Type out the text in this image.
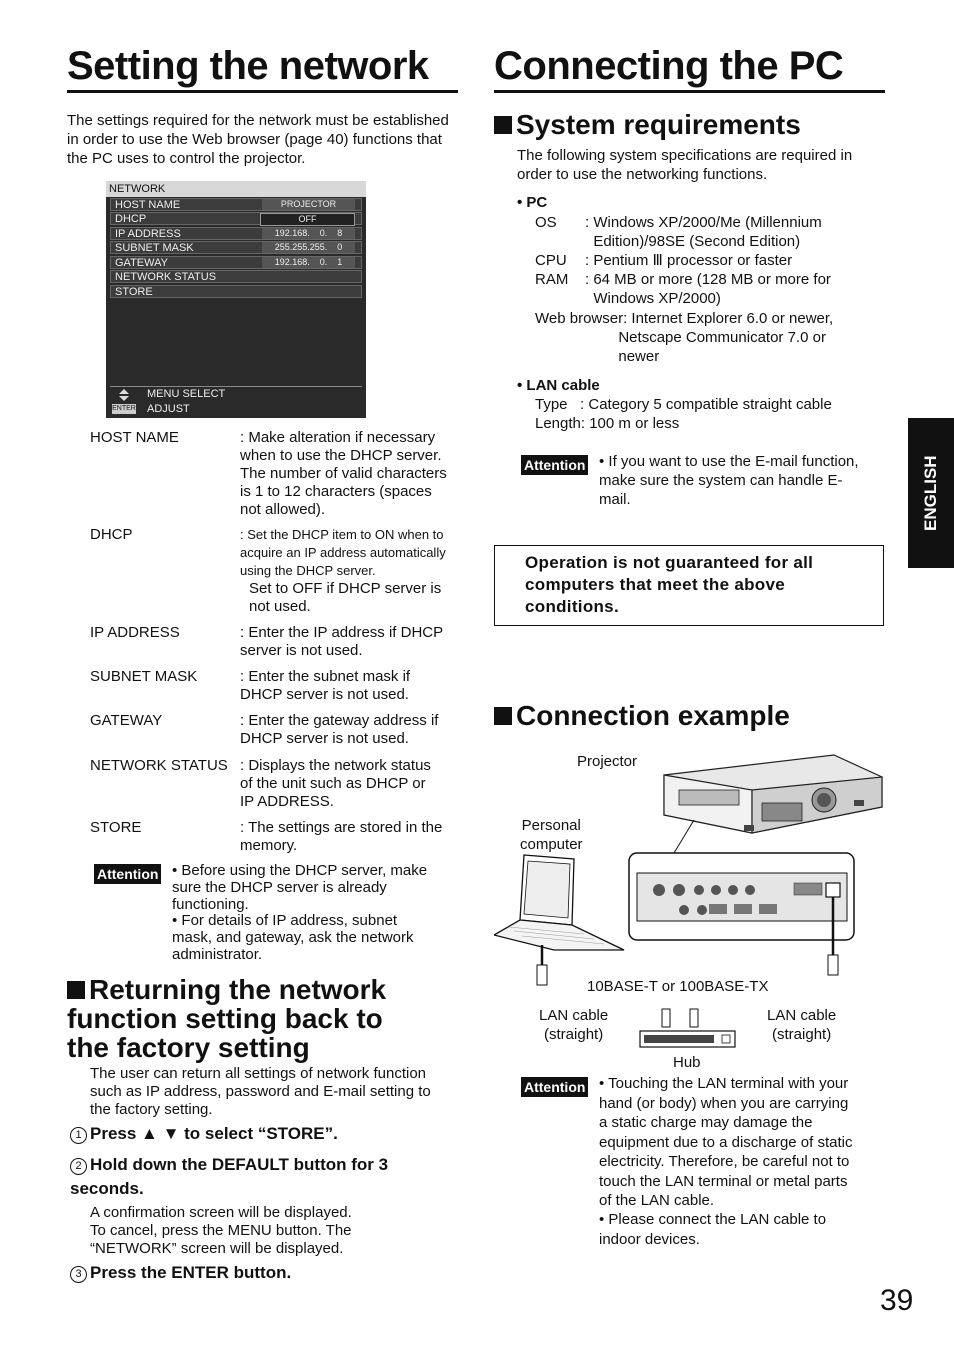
Setting the network
The settings required for the network must be established in order to use the Web browser (page 40) functions that the PC uses to control the projector.
NETWORK
HOST NAME	PROJECTOR
DHCP	OFF
IP ADDRESS	192.168.    0.    8
SUBNET MASK	255.255.255.    0
GATEWAY	192.168.    0.    1
NETWORK STATUS
STORE
MENU SELECT
ENTER ADJUST
HOST NAME	: Make alteration if necessary
when to use the DHCP server.
The number of valid characters
is 1 to 12 characters (spaces
not allowed).
DHCP	: Set the DHCP item to ON when to
acquire an IP address automatically
using the DHCP server.
Set to OFF if DHCP server is
not used.
IP ADDRESS	: Enter the IP address if DHCP
server is not used.
SUBNET MASK	: Enter the subnet mask if
DHCP server is not used.
GATEWAY	: Enter the gateway address if
DHCP server is not used.
NETWORK STATUS : Displays the network status
of the unit such as DHCP or
IP ADDRESS.
STORE	: The settings are stored in the
memory.
Attention • Before using the DHCP server, make
sure the DHCP server is already
functioning.
• For details of IP address, subnet
mask, and gateway, ask the network
administrator.
Returning the network
function setting back to
the factory setting
The user can return all settings of network function
such as IP address, password and E-mail setting to
the factory setting.
1 Press ▲ ▼ to select “STORE”.
2 Hold down the DEFAULT button for 3
seconds.
A confirmation screen will be displayed.
To cancel, press the MENU button. The
“NETWORK” screen will be displayed.
3 Press the ENTER button.
Connecting the PC
System requirements
The following system specifications are required in
order to use the networking functions.
• PC
OS : Windows XP/2000/Me (Millennium
Edition)/98SE (Second Edition)
CPU : Pentium Ⅲ processor or faster
RAM : 64 MB or more (128 MB or more for
Windows XP/2000)
Web browser: Internet Explorer 6.0 or newer,
Netscape Communicator 7.0 or
newer
• LAN cable
Type   : Category 5 compatible straight cable
Length: 100 m or less
Attention • If you want to use the E-mail function,
make sure the system can handle E-
mail.
Operation is not guaranteed for all
computers that meet the above
conditions.
Connection example
Projector
Personal
computer
10BASE-T or 100BASE-TX
LAN cable
(straight)
LAN cable
(straight)
Hub
Attention • Touching the LAN terminal with your
hand (or body) when you are carrying
a static charge may damage the
equipment due to a discharge of static
electricity. Therefore, be careful not to
touch the LAN terminal or metal parts
of the LAN cable.
• Please connect the LAN cable to
indoor devices.
ENGLISH
39
